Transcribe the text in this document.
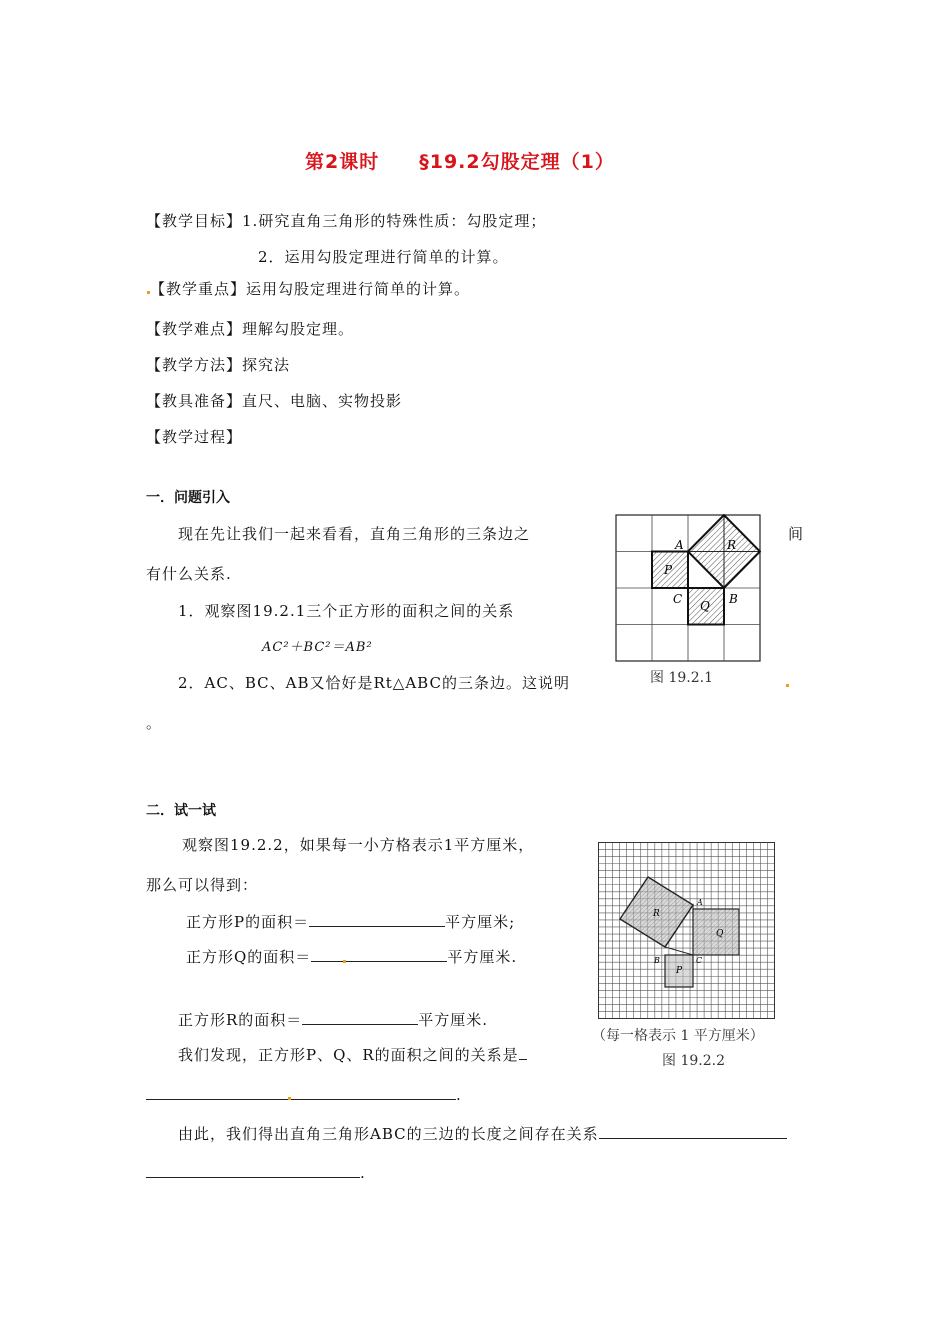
第2课时 §19.2勾股定理（1）
【教学目标】1.研究直角三角形的特殊性质：勾股定理；
2．运用勾股定理进行简单的计算。
【教学重点】运用勾股定理进行简单的计算。
【教学难点】理解勾股定理。
【教学方法】探究法
【教具准备】直尺、电脑、实物投影
【教学过程】
一．问题引入
现在先让我们一起来看看，直角三角形的三条边之	间
有什么关系.
1．观察图19.2.1三个正方形的面积之间的关系
AC²＋BC²＝AB²
2．AC、BC、AB又恰好是Rt△ABC的三条边。这说明
。
A	R
P
C Q B
图 19.2.1
二．试一试
观察图19.2.2，如果每一小方格表示1平方厘米，
那么可以得到：
正方形P的面积＝	平方厘米;
正方形Q的面积＝	平方厘米.
正方形R的面积＝	平方厘米.
我们发现，正方形P、Q、R的面积之间的关系是
.
由此，我们得出直角三角形ABC的三边的长度之间存在关系
.
A
R
Q
B	C
P
（每一格表示 1 平方厘米）
图 19.2.2
